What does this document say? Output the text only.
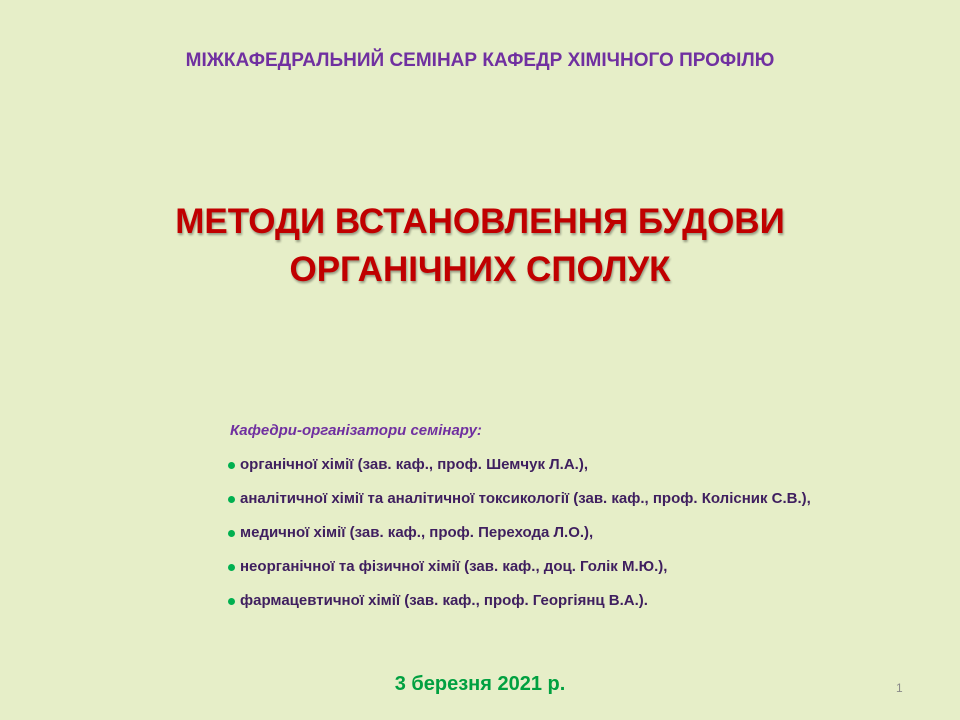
МІЖКАФЕДРАЛЬНИЙ СЕМІНАР КАФЕДР ХІМІЧНОГО ПРОФІЛЮ
МЕТОДИ ВСТАНОВЛЕННЯ БУДОВИ
ОРГАНІЧНИХ СПОЛУК
Кафедри-організатори семінару:
органічної хімії (зав. каф., проф. Шемчук Л.А.),
аналітичної хімії та аналітичної токсикології (зав. каф., проф. Колісник С.В.),
медичної хімії (зав. каф., проф. Перехода Л.О.),
неорганічної та фізичної хімії (зав. каф., доц. Голік М.Ю.),
фармацевтичної хімії (зав. каф., проф. Георгіянц В.А.).
3 березня 2021 р.	1
